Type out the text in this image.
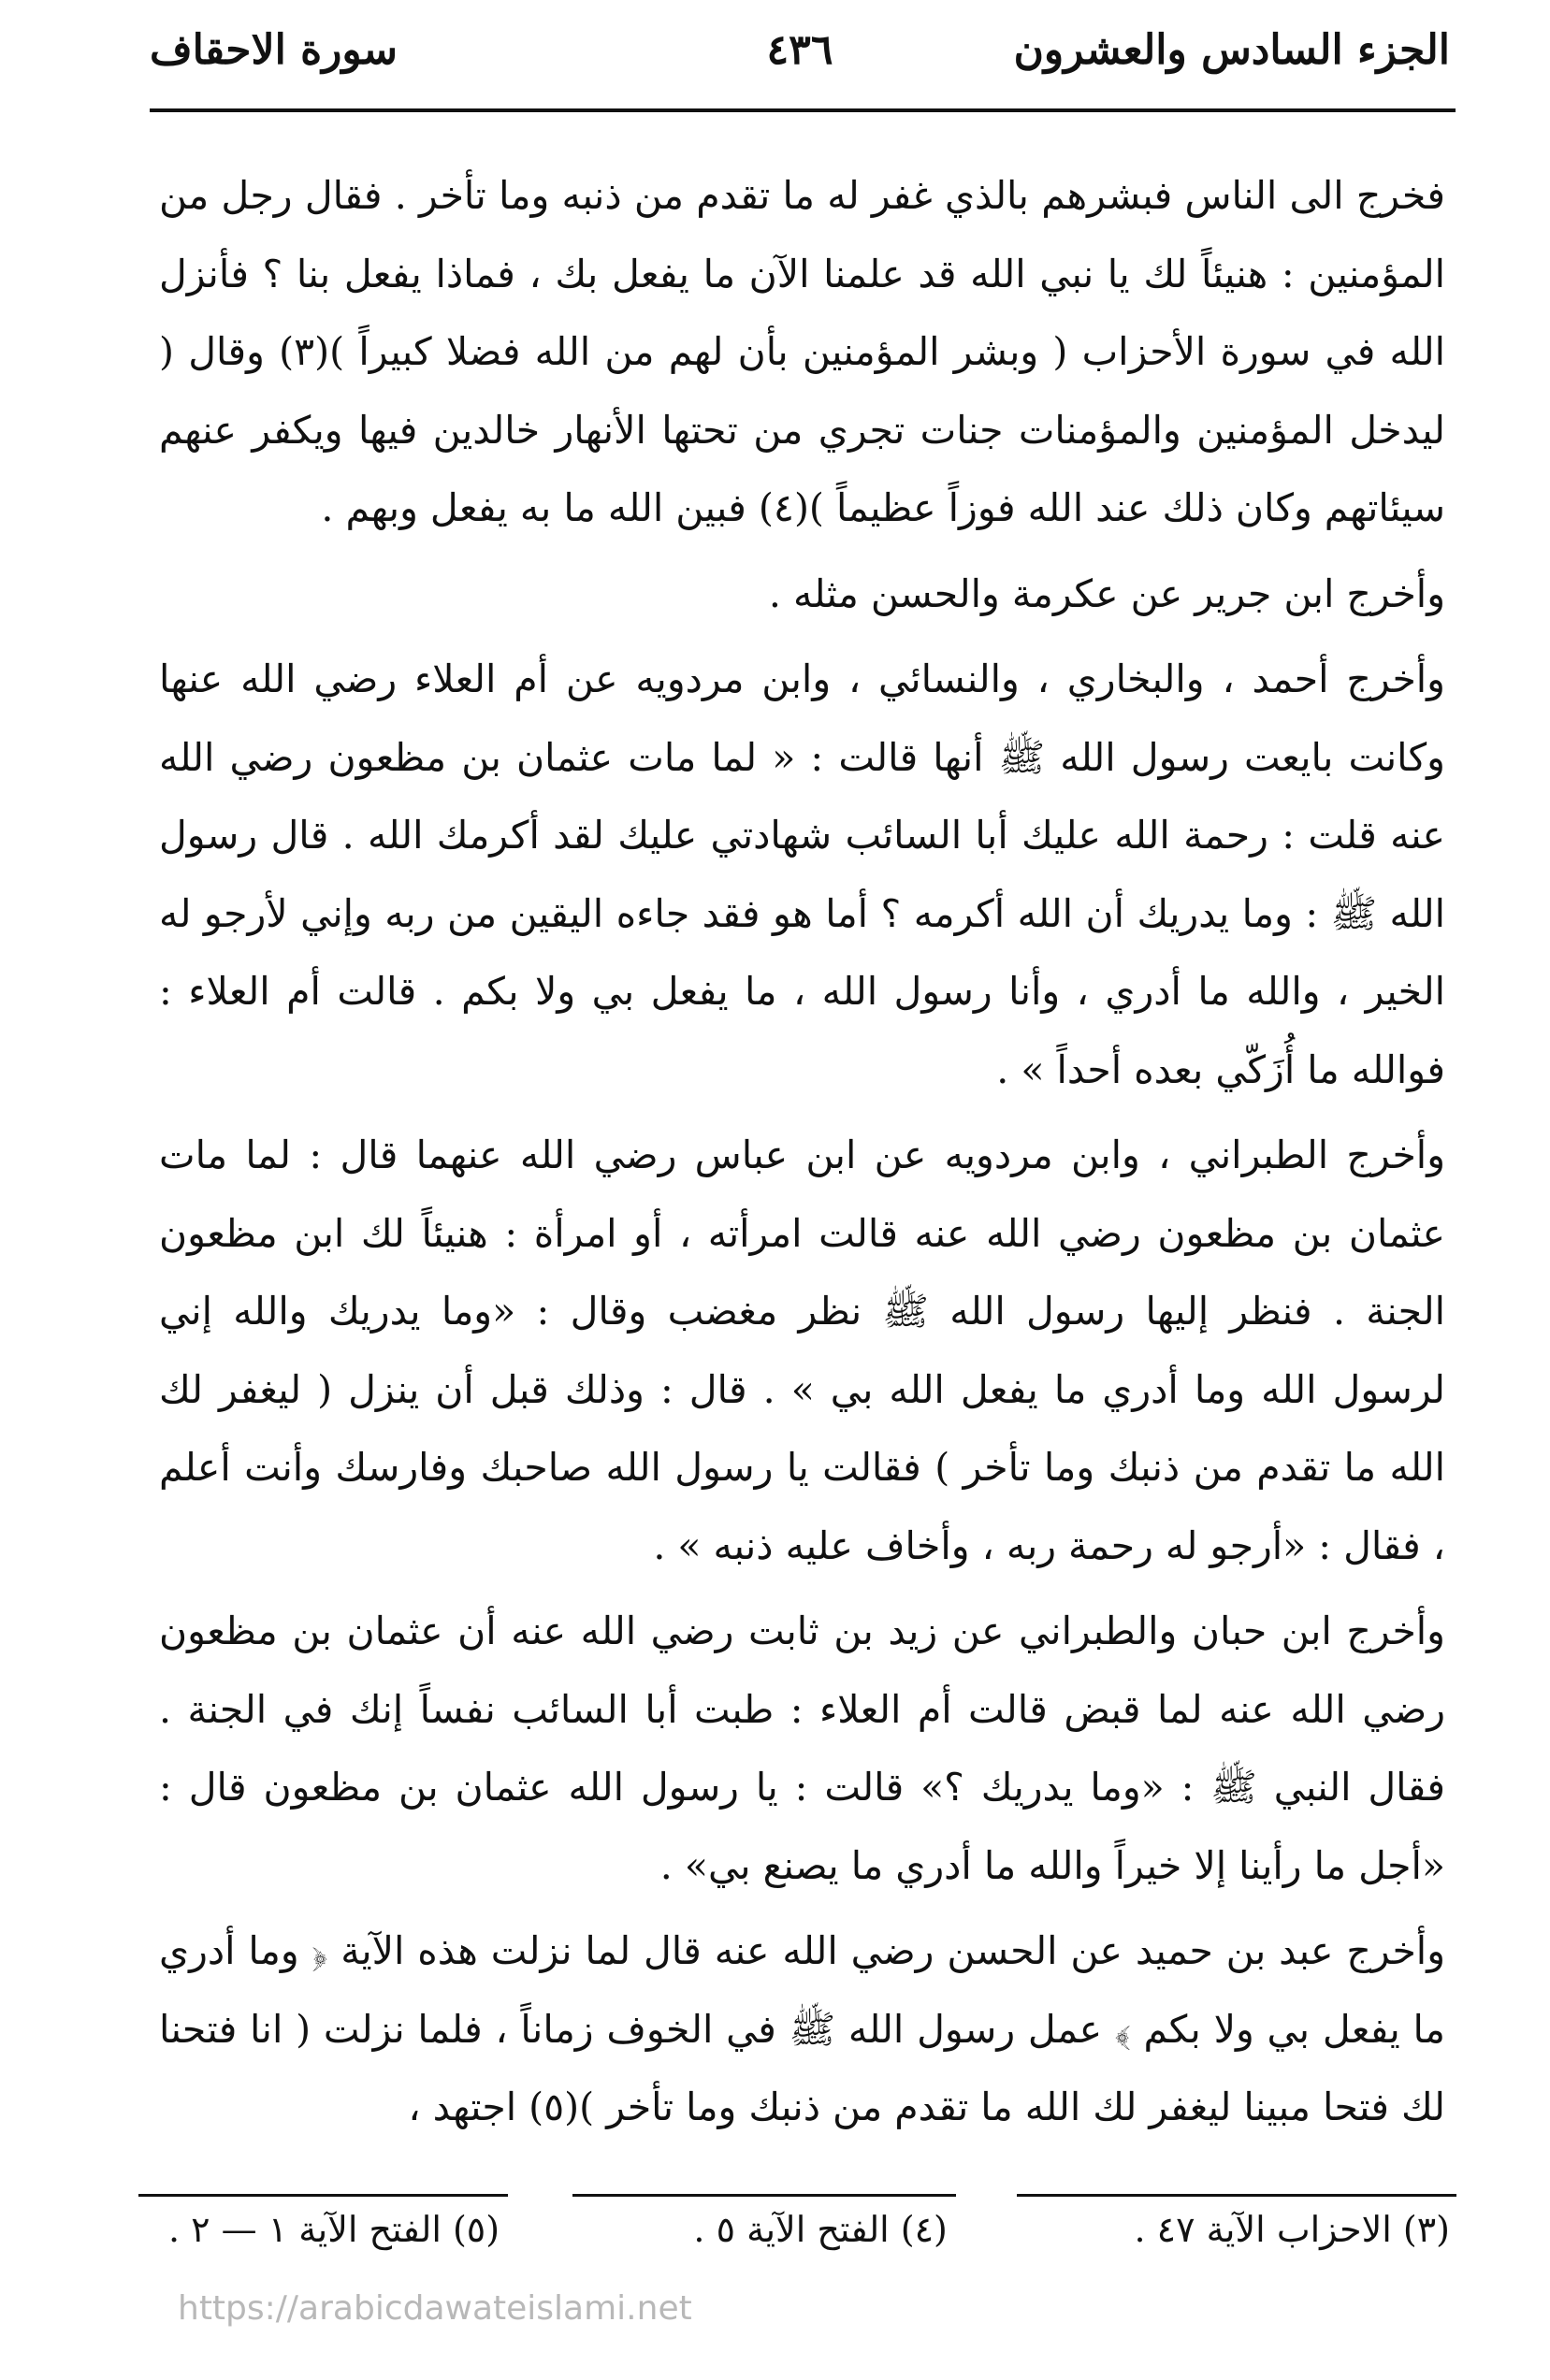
الجزء السادس والعشرون
٤٣٦
سورة الاحقاف

فخرج الى الناس فبشرهم بالذي غفر له ما تقدم من ذنبه وما تأخر . فقال رجل من المؤمنين : هنيئاً لك يا نبي الله قد علمنا الآن ما يفعل بك ، فماذا يفعل بنا ؟ فأنزل الله في سورة الأحزاب ( وبشر المؤمنين بأن لهم من الله فضلا كبيراً )(٣) وقال ( ليدخل المؤمنين والمؤمنات جنات تجري من تحتها الأنهار خالدين فيها ويكفر عنهم سيئاتهم وكان ذلك عند الله فوزاً عظيماً )(٤) فبين الله ما به يفعل وبهم .

وأخرج ابن جرير عن عكرمة والحسن مثله .

وأخرج أحمد ، والبخاري ، والنسائي ، وابن مردويه عن أم العلاء رضي الله عنها وكانت بايعت رسول الله ﷺ أنها قالت : « لما مات عثمان بن مظعون رضي الله عنه قلت : رحمة الله عليك أبا السائب شهادتي عليك لقد أكرمك الله . قال رسول الله ﷺ : وما يدريك أن الله أكرمه ؟ أما هو فقد جاءه اليقين من ربه وإني لأرجو له الخير ، والله ما أدري ، وأنا رسول الله ، ما يفعل بي ولا بكم . قالت أم العلاء : فوالله ما أُزَكّي بعده أحداً » .

وأخرج الطبراني ، وابن مردويه عن ابن عباس رضي الله عنهما قال : لما مات عثمان بن مظعون رضي الله عنه قالت امرأته ، أو امرأة : هنيئاً لك ابن مظعون الجنة . فنظر إليها رسول الله ﷺ نظر مغضب وقال : «وما يدريك والله إني لرسول الله وما أدري ما يفعل الله بي » . قال : وذلك قبل أن ينزل ( ليغفر لك الله ما تقدم من ذنبك وما تأخر ) فقالت يا رسول الله صاحبك وفارسك وأنت أعلم ، فقال : «أرجو له رحمة ربه ، وأخاف عليه ذنبه » .

وأخرج ابن حبان والطبراني عن زيد بن ثابت رضي الله عنه أن عثمان بن مظعون رضي الله عنه لما قبض قالت أم العلاء : طبت أبا السائب نفساً إنك في الجنة . فقال النبي ﷺ : «وما يدريك ؟» قالت : يا رسول الله عثمان بن مظعون قال : «أجل ما رأينا إلا خيراً والله ما أدري ما يصنع بي» .

وأخرج عبد بن حميد عن الحسن رضي الله عنه قال لما نزلت هذه الآية ﴿ وما أدري ما يفعل بي ولا بكم ﴾ عمل رسول الله ﷺ في الخوف زماناً ، فلما نزلت ( انا فتحنا لك فتحا مبينا ليغفر لك الله ما تقدم من ذنبك وما تأخر )(٥) اجتهد ،

(٣) الاحزاب الآية ٤٧ .
(٤) الفتح الآية ٥ .
(٥) الفتح الآية ١ — ٢ .
https://arabicdawateislami.net
